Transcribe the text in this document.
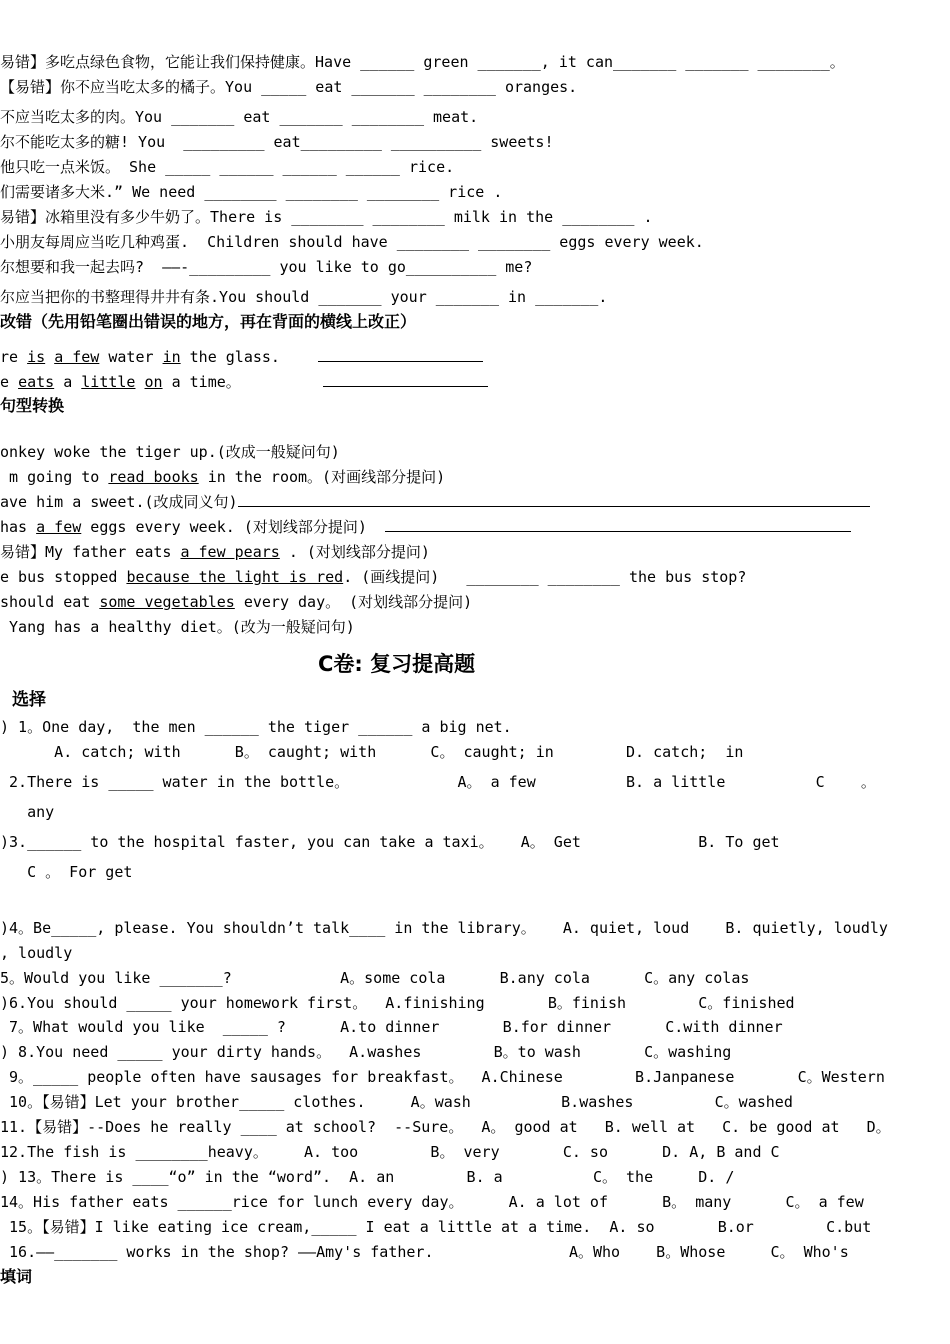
易错】多吃点绿色食物，它能让我们保持健康。Have ______ green _______, it can_______ _______ ________。
【易错】你不应当吃太多的橘子。You _____ eat _______ ________ oranges.
不应当吃太多的肉。You _______ eat _______ ________ meat.
尔不能吃太多的糖! You  _________ eat_________ __________ sweets!
他只吃一点米饭。 She _____ ______ ______ ______ rice.
们需要诸多大米.” We need ________ ________ ________ rice .
易错】冰箱里没有多少牛奶了。There is ________ ________ milk in the ________ .
小朋友每周应当吃几种鸡蛋.  Children should have ________ ________ eggs every week.
尔想要和我一起去吗?  ——-_________ you like to go__________ me?
尔应当把你的书整理得井井有条.You should _______ your _______ in _______.
改错（先用铅笔圈出错误的地方，再在背面的横线上改正）
re is a few water in the glass.
e eats a little on a time。
句型转换
onkey woke the tiger up.(改成一般疑问句)
m going to read books in the room。(对画线部分提问)
ave him a sweet.(改成同义句)
has a few eggs every week. (对划线部分提问)
易错】My father eats a few pears . (对划线部分提问)
e bus stopped because the light is red. (画线提问)   ________ ________ the bus stop?
should eat some vegetables every day。 (对划线部分提问)
Yang has a healthy diet。(改为一般疑问句)
C卷: 复习提高题
选择
) 1。One day,  the men ______ the tiger ______ a big net.
A. catch; with      B。 caught; with      C。 caught; in        D. catch;  in
2.There is _____ water in the bottle。            A。 a few          B. a little          C    。
any
)3.______ to the hospital faster, you can take a taxi。   A。 Get             B. To get
C 。 For get
)4。Be_____, please. You shouldn’t talk____ in the library。   A. quiet, loud    B. quietly, loudly
, loudly
5。Would you like _______?            A。some cola      B.any cola      C。any colas
)6.You should _____ your homework first。  A.finishing       B。finish        C。finished
7。What would you like  _____ ?      A.to dinner       B.for dinner      C.with dinner
) 8.You need _____ your dirty hands。  A.washes        B。to wash       C。washing
9。_____ people often have sausages for breakfast。  A.Chinese        B.Janpanese       C。Western
10。【易错】Let your brother_____ clothes.     A。wash          B.washes         C。washed
11.【易错】--Does he really ____ at school?  --Sure。  A。 good at   B. well at   C. be good at   D。
12.The fish is ________heavy。    A. too        B。 very       C. so      D. A, B and C
) 13。There is ____“o” in the “word”.  A. an        B. a          C。 the     D. /
14。His father eats ______rice for lunch every day。     A. a lot of      B。 many      C。 a few
15。【易错】I like eating ice cream,_____ I eat a little at a time.  A. so       B.or        C.but
16.——_______ works in the shop? ——Amy's father.               A。Who    B。Whose     C。 Who's
填词
